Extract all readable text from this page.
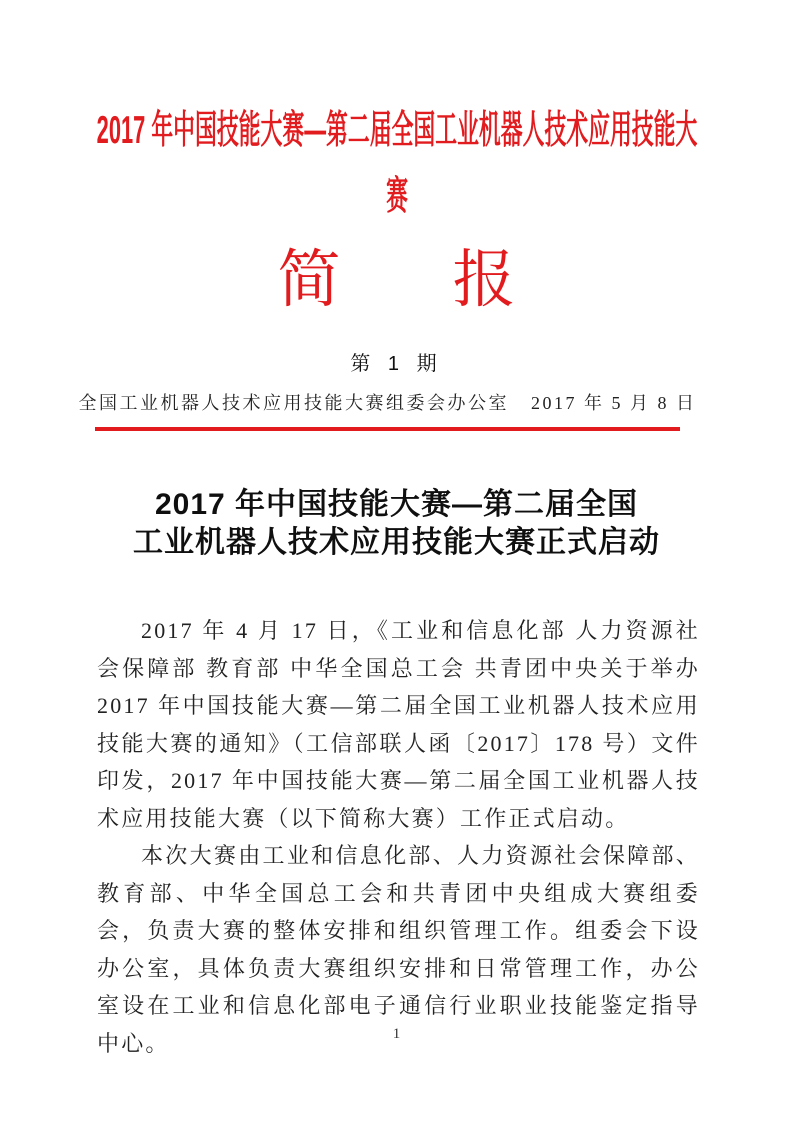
2017 年中国技能大赛—第二届全国工业机器人技术应用技能大
赛
简 报
第 1 期
全国工业机器人技术应用技能大赛组委会办公室 2017 年 5 月 8 日
2017 年中国技能大赛—第二届全国
工业机器人技术应用技能大赛正式启动

2017 年 4 月 17 日，《工业和信息化部 人力资源社会保障部 教育部 中华全国总工会 共青团中央关于举办 2017 年中国技能大赛—第二届全国工业机器人技术应用技能大赛的通知》（工信部联人函〔2017〕178 号）文件印发，2017 年中国技能大赛—第二届全国工业机器人技术应用技能大赛（以下简称大赛）工作正式启动。

本次大赛由工业和信息化部、人力资源社会保障部、教育部、中华全国总工会和共青团中央组成大赛组委会，负责大赛的整体安排和组织管理工作。组委会下设办公室，具体负责大赛组织安排和日常管理工作，办公室设在工业和信息化部电子通信行业职业技能鉴定指导中心。	1
